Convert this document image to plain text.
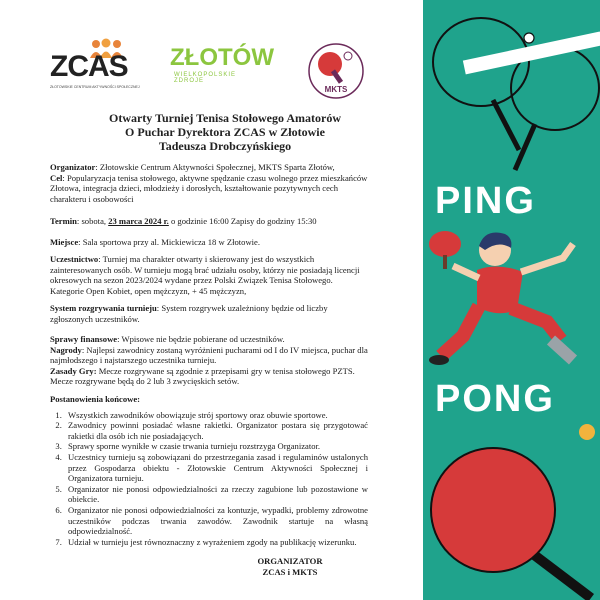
ZCAS
ZŁOTOWSKIE CENTRUM AKTYWNOŚCI SPOŁECZNEJ
ZŁOTÓW
WIELKOPOLSKIE ZDROJE
MKTS
Otwarty Turniej Tenisa Stołowego Amatorów
O Puchar Dyrektora ZCAS w Złotowie
Tadeusza Drobczyńskiego
Organizator: Złotowskie Centrum Aktywności Społecznej, MKTS Sparta Złotów,
Cel: Popularyzacja tenisa stołowego, aktywne spędzanie czasu wolnego przez mieszkańców Złotowa, integracja dzieci, młodzieży i dorosłych, kształtowanie pozytywnych cech charakteru i osobowości
Termin: sobota, 23 marca 2024 r. o godzinie 16:00 Zapisy do godziny 15:30
Miejsce: Sala sportowa przy al. Mickiewicza 18 w Złotowie.
Uczestnictwo: Turniej ma charakter otwarty i skierowany jest do wszystkich zainteresowanych osób. W turnieju mogą brać udziału osoby, którzy nie posiadają licencji okresowych na sezon 2023/2024 wydane przez Polski Związek Tenisa Stołowego.
Kategorie Open Kobiet, open mężczyzn, + 45 mężczyzn,
System rozgrywania turnieju: System rozgrywek uzależniony będzie od liczby zgłoszonych uczestników.
Sprawy finansowe: Wpisowe nie będzie pobierane od uczestników.
Nagrody: Najlepsi zawodnicy zostaną wyróżnieni pucharami od I do IV miejsca, puchar dla najmłodszego i najstarszego uczestnika turnieju.
Zasady Gry: Mecze rozgrywane są zgodnie z przepisami gry w tenisa stołowego PZTS. Mecze rozgrywane będą do 2 lub 3 zwycięskich setów.
Postanowienia końcowe:
1. Wszystkich zawodników obowiązuje strój sportowy oraz obuwie sportowe.
2. Zawodnicy powinni posiadać własne rakietki. Organizator postara się przygotować rakietki dla osób ich nie posiadających.
3. Sprawy sporne wynikłe w czasie trwania turnieju rozstrzyga Organizator.
4. Uczestnicy turnieju są zobowiązani do przestrzegania zasad i regulaminów ustalonych przez Gospodarza obiektu - Złotowskie Centrum Aktywności Społecznej i Organizatora turnieju.
5. Organizator nie ponosi odpowiedzialności za rzeczy zagubione lub pozostawione w obiekcie.
6. Organizator nie ponosi odpowiedzialności za kontuzje, wypadki, problemy zdrowotne uczestników podczas trwania zawodów. Zawodnik startuje na własną odpowiedzialność.
7. Udział w turnieju jest równoznaczny z wyrażeniem zgody na publikację wizerunku.
ORGANIZATOR
ZCAS i MKTS
PING
PONG
